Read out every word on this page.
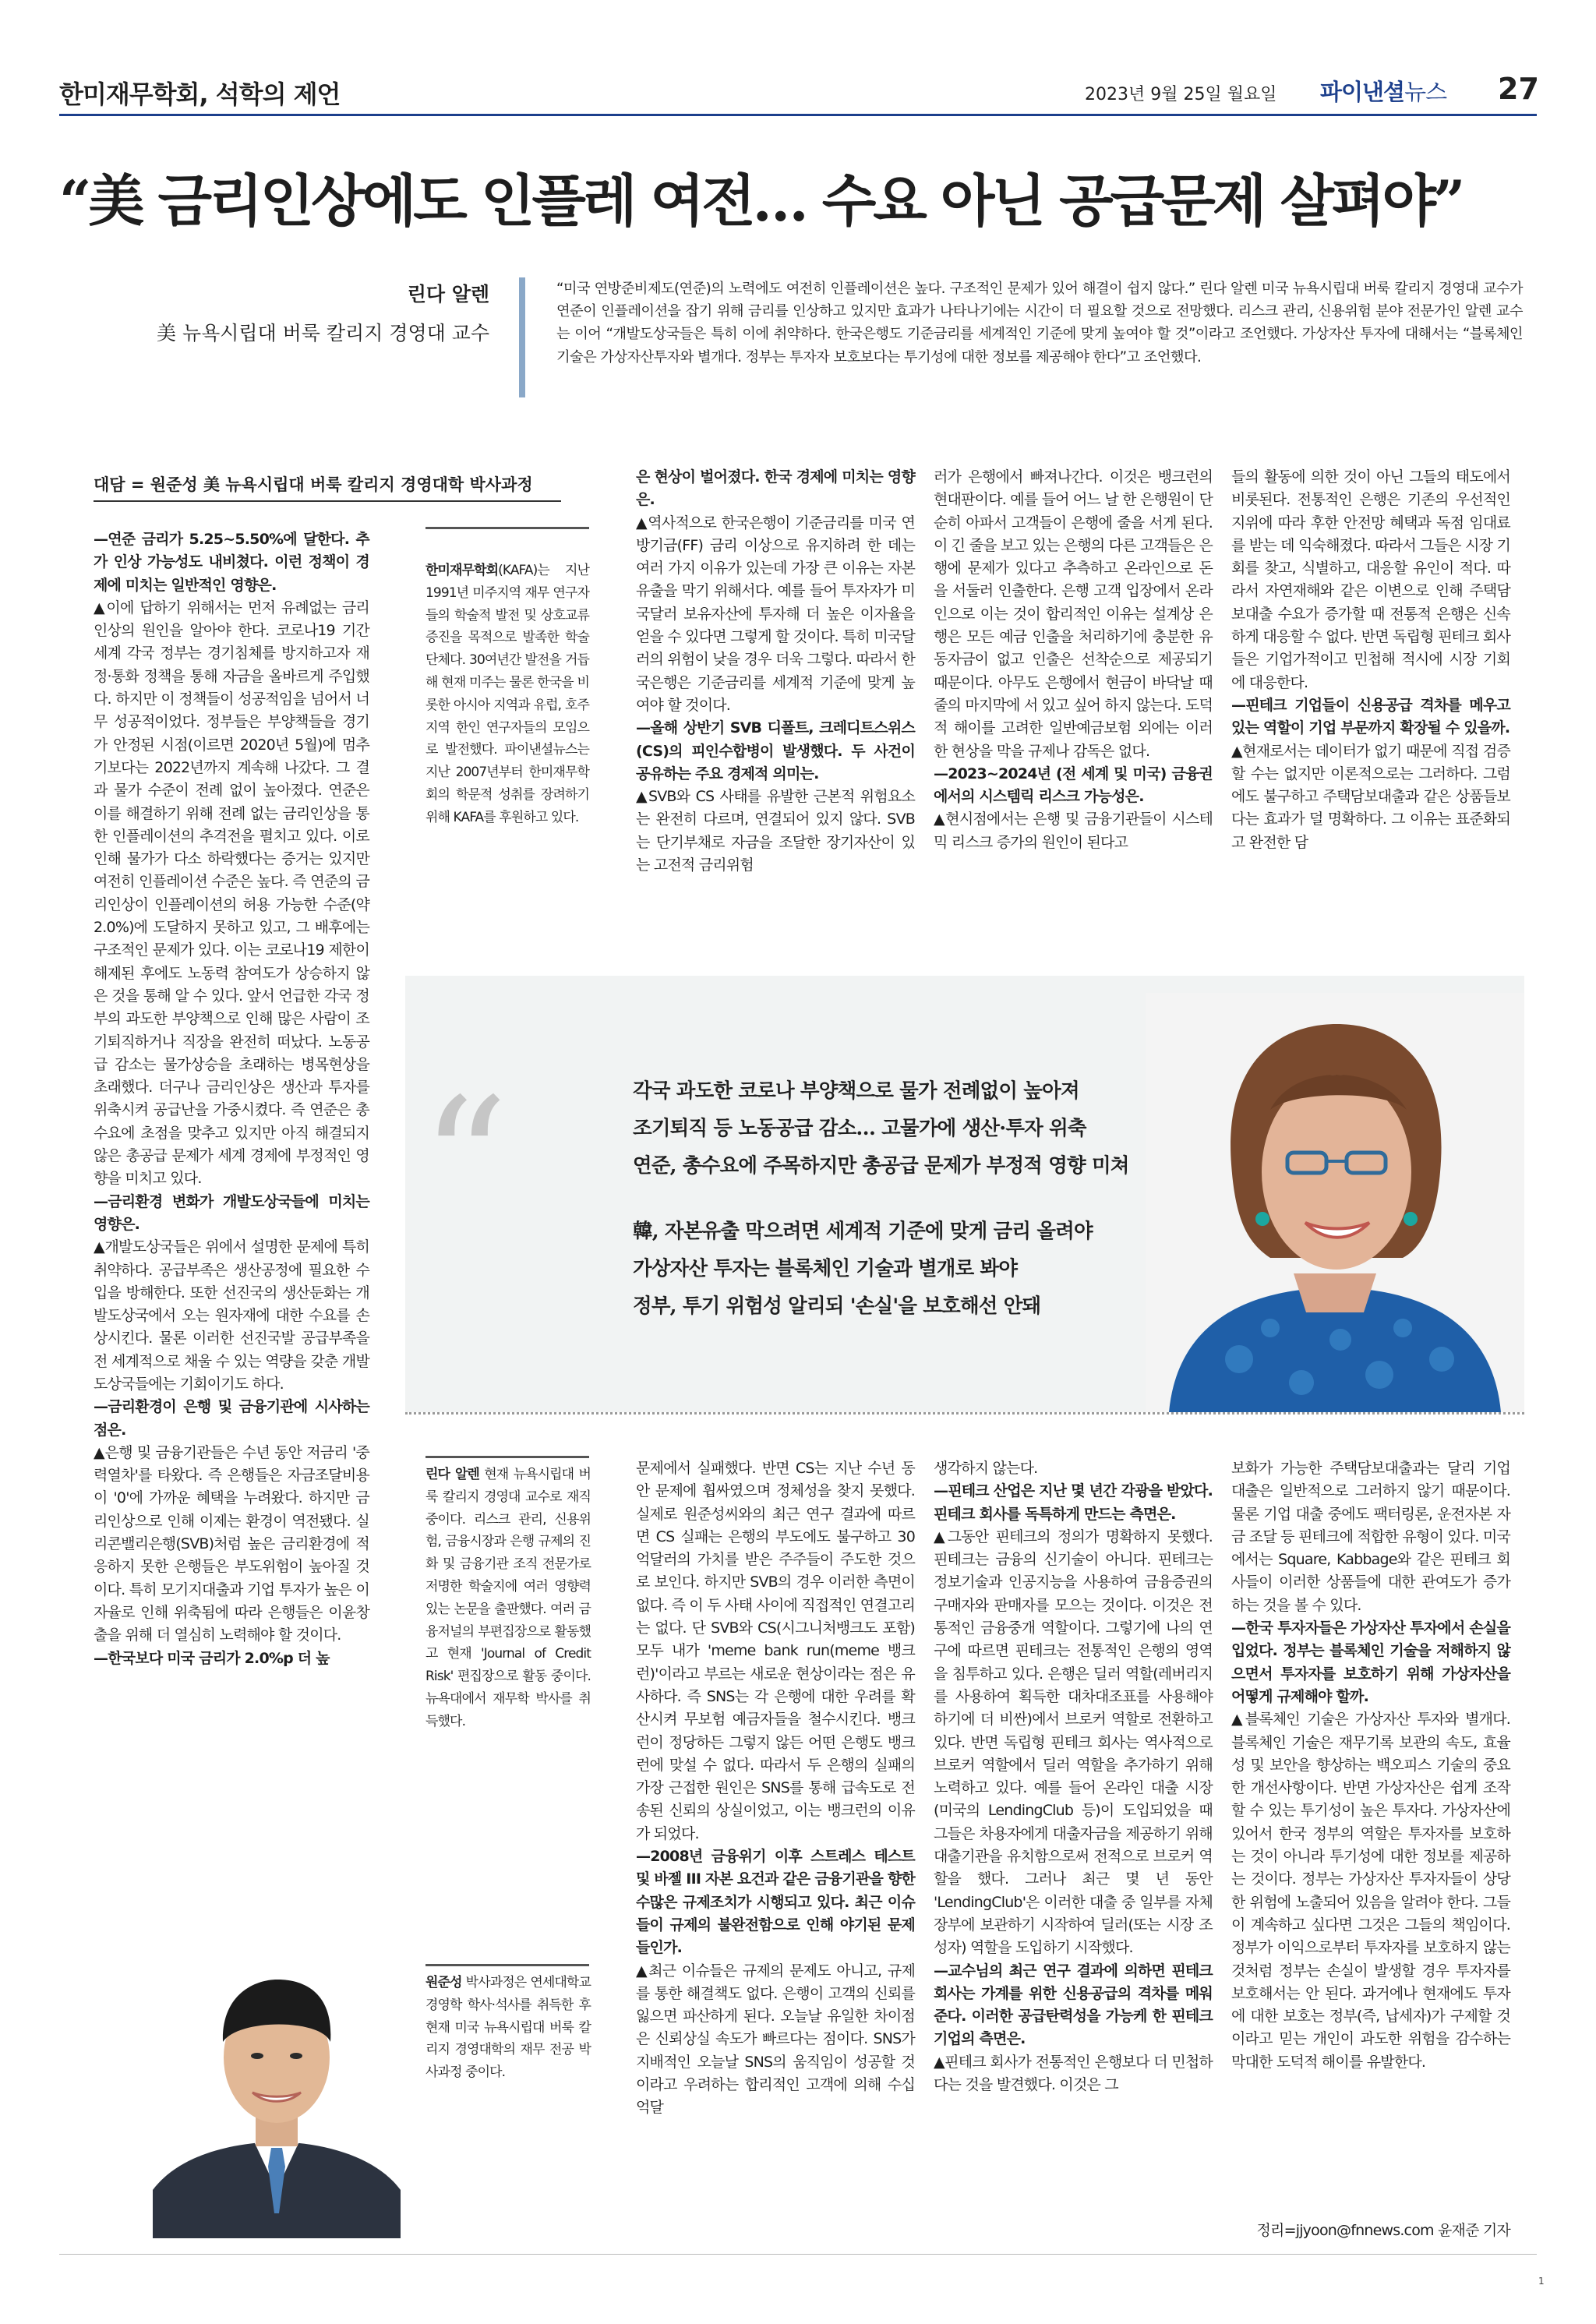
한미재무학회, 석학의 제언	2023년 9월 25일 월요일 파이낸셜뉴스 27
“美 금리인상에도 인플레 여전… 수요 아닌 공급문제 살펴야”
린다 알렌
美 뉴욕시립대 버룩 칼리지 경영대 교수
“미국 연방준비제도(연준)의 노력에도 여전히 인플레이션은 높다. 구조적인 문제가 있어 해결이 쉽지 않다.” 린다 알렌 미국 뉴욕시립대 버룩 칼리지 경영대 교수가 연준이 인플레이션을 잡기 위해 금리를 인상하고 있지만 효과가 나타나기에는 시간이 더 필요할 것으로 전망했다. 리스크 관리, 신용위험 분야 전문가인 알렌 교수는 이어 “개발도상국들은 특히 이에 취약하다. 한국은행도 기준금리를 세계적인 기준에 맞게 높여야 할 것”이라고 조언했다. 가상자산 투자에 대해서는 “블록체인 기술은 가상자산투자와 별개다. 정부는 투자자 보호보다는 투기성에 대한 정보를 제공해야 한다”고 조언했다.
대담 = 원준성 美 뉴욕시립대 버룩 칼리지 경영대학 박사과정

—연준 금리가 5.25~5.50%에 달한다. 추가 인상 가능성도 내비쳤다. 이런 정책이 경제에 미치는 일반적인 영향은.

▲이에 답하기 위해서는 먼저 유례없는 금리인상의 원인을 알아야 한다. 코로나19 기간 세계 각국 정부는 경기침체를 방지하고자 재정·통화 정책을 통해 자금을 올바르게 주입했다. 하지만 이 정책들이 성공적임을 넘어서 너무 성공적이었다. 정부들은 부양책들을 경기가 안정된 시점(이르면 2020년 5월)에 멈추기보다는 2022년까지 계속해 나갔다. 그 결과 물가 수준이 전례 없이 높아졌다. 연준은 이를 해결하기 위해 전례 없는 금리인상을 통한 인플레이션의 추격전을 펼치고 있다. 이로 인해 물가가 다소 하락했다는 증거는 있지만 여전히 인플레이션 수준은 높다. 즉 연준의 금리인상이 인플레이션의 허용 가능한 수준(약 2.0%)에 도달하지 못하고 있고, 그 배후에는 구조적인 문제가 있다. 이는 코로나19 제한이 해제된 후에도 노동력 참여도가 상승하지 않은 것을 통해 알 수 있다. 앞서 언급한 각국 정부의 과도한 부양책으로 인해 많은 사람이 조기퇴직하거나 직장을 완전히 떠났다. 노동공급 감소는 물가상승을 초래하는 병목현상을 초래했다. 더구나 금리인상은 생산과 투자를 위축시켜 공급난을 가중시켰다. 즉 연준은 총수요에 초점을 맞추고 있지만 아직 해결되지 않은 총공급 문제가 세계 경제에 부정적인 영향을 미치고 있다.

—금리환경 변화가 개발도상국들에 미치는 영향은.

▲개발도상국들은 위에서 설명한 문제에 특히 취약하다. 공급부족은 생산공정에 필요한 수입을 방해한다. 또한 선진국의 생산둔화는 개발도상국에서 오는 원자재에 대한 수요를 손상시킨다. 물론 이러한 선진국발 공급부족을 전 세계적으로 채울 수 있는 역량을 갖춘 개발도상국들에는 기회이기도 하다.

—금리환경이 은행 및 금융기관에 시사하는 점은.

▲은행 및 금융기관들은 수년 동안 저금리 '중력열차'를 타왔다. 즉 은행들은 자금조달비용이 '0'에 가까운 혜택을 누려왔다. 하지만 금리인상으로 인해 이제는 환경이 역전됐다. 실리콘밸리은행(SVB)처럼 높은 금리환경에 적응하지 못한 은행들은 부도위험이 높아질 것이다. 특히 모기지대출과 기업 투자가 높은 이자율로 인해 위축됨에 따라 은행들은 이윤창출을 위해 더 열심히 노력해야 할 것이다.

—한국보다 미국 금리가 2.0%p 더 높

한미재무학회(KAFA)는 지난 1991년 미주지역 재무 연구자들의 학술적 발전 및 상호교류 증진을 목적으로 발족한 학술단체다. 30여년간 발전을 거듭해 현재 미주는 물론 한국을 비롯한 아시아 지역과 유럽, 호주 지역 한인 연구자들의 모임으로 발전했다. 파이낸셜뉴스는 지난 2007년부터 한미재무학회의 학문적 성취를 장려하기 위해 KAFA를 후원하고 있다.

은 현상이 벌어졌다. 한국 경제에 미치는 영향은.

▲역사적으로 한국은행이 기준금리를 미국 연방기금(FF) 금리 이상으로 유지하려 한 데는 여러 가지 이유가 있는데 가장 큰 이유는 자본유출을 막기 위해서다. 예를 들어 투자자가 미국달러 보유자산에 투자해 더 높은 이자율을 얻을 수 있다면 그렇게 할 것이다. 특히 미국달러의 위험이 낮을 경우 더욱 그렇다. 따라서 한국은행은 기준금리를 세계적 기준에 맞게 높여야 할 것이다.

—올해 상반기 SVB 디폴트, 크레디트스위스(CS)의 피인수합병이 발생했다. 두 사건이 공유하는 주요 경제적 의미는.

▲SVB와 CS 사태를 유발한 근본적 위험요소는 완전히 다르며, 연결되어 있지 않다. SVB는 단기부채로 자금을 조달한 장기자산이 있는 고전적 금리위험

러가 은행에서 빠져나간다. 이것은 뱅크런의 현대판이다. 예를 들어 어느 날 한 은행원이 단순히 아파서 고객들이 은행에 줄을 서게 된다. 이 긴 줄을 보고 있는 은행의 다른 고객들은 은행에 문제가 있다고 추측하고 온라인으로 돈을 서둘러 인출한다. 은행 고객 입장에서 온라인으로 이는 것이 합리적인 이유는 설계상 은행은 모든 예금 인출을 처리하기에 충분한 유동자금이 없고 인출은 선착순으로 제공되기 때문이다. 아무도 은행에서 현금이 바닥날 때 줄의 마지막에 서 있고 싶어 하지 않는다. 도덕적 해이를 고려한 일반예금보험 외에는 이러한 현상을 막을 규제나 감독은 없다.

—2023~2024년 (전 세계 및 미국) 금융권에서의 시스템릭 리스크 가능성은.

▲현시점에서는 은행 및 금융기관들이 시스테믹 리스크 증가의 원인이 된다고

들의 활동에 의한 것이 아닌 그들의 태도에서 비롯된다. 전통적인 은행은 기존의 우선적인 지위에 따라 후한 안전망 혜택과 독점 임대료를 받는 데 익숙해졌다. 따라서 그들은 시장 기회를 찾고, 식별하고, 대응할 유인이 적다. 따라서 자연재해와 같은 이변으로 인해 주택담보대출 수요가 증가할 때 전통적 은행은 신속하게 대응할 수 없다. 반면 독립형 핀테크 회사들은 기업가적이고 민첩해 적시에 시장 기회에 대응한다.

—핀테크 기업들이 신용공급 격차를 메우고 있는 역할이 기업 부문까지 확장될 수 있을까.

▲현재로서는 데이터가 없기 때문에 직접 검증할 수는 없지만 이론적으로는 그러하다. 그럼에도 불구하고 주택담보대출과 같은 상품들보다는 효과가 덜 명확하다. 그 이유는 표준화되고 완전한 담

“	각국 과도한 코로나 부양책으로 물가 전례없이 높아져
조기퇴직 등 노동공급 감소… 고물가에 생산·투자 위축
연준, 총수요에 주목하지만 총공급 문제가 부정적 영향 미쳐
韓, 자본유출 막으려면 세계적 기준에 맞게 금리 올려야
가상자산 투자는 블록체인 기술과 별개로 봐야
정부, 투기 위험성 알리되 '손실'을 보호해선 안돼
린다 알렌 현재 뉴욕시립대 버룩 칼리지 경영대 교수로 재직 중이다. 리스크 관리, 신용위험, 금융시장과 은행 규제의 진화 및 금융기관 조직 전문가로 저명한 학술지에 여러 영향력 있는 논문을 출판했다. 여러 금융저널의 부편집장으로 활동했고 현재 'Journal of Credit Risk' 편집장으로 활동 중이다. 뉴욕대에서 재무학 박사를 취득했다.
원준성 박사과정은 연세대학교 경영학 학사·석사를 취득한 후 현재 미국 뉴욕시립대 버룩 칼리지 경영대학의 재무 전공 박사과정 중이다.

문제에서 실패했다. 반면 CS는 지난 수년 동안 문제에 휩싸였으며 정체성을 찾지 못했다. 실제로 원준성씨와의 최근 연구 결과에 따르면 CS 실패는 은행의 부도에도 불구하고 30억달러의 가치를 받은 주주들이 주도한 것으로 보인다. 하지만 SVB의 경우 이러한 측면이 없다. 즉 이 두 사태 사이에 직접적인 연결고리는 없다. 단 SVB와 CS(시그니처뱅크도 포함) 모두 내가 'meme bank run(meme 뱅크런)'이라고 부르는 새로운 현상이라는 점은 유사하다. 즉 SNS는 각 은행에 대한 우려를 확산시켜 무보험 예금자들을 철수시킨다. 뱅크런이 정당하든 그렇지 않든 어떤 은행도 뱅크런에 맞설 수 없다. 따라서 두 은행의 실패의 가장 근접한 원인은 SNS를 통해 급속도로 전송된 신뢰의 상실이었고, 이는 뱅크런의 이유가 되었다.

—2008년 금융위기 이후 스트레스 테스트 및 바젤 III 자본 요건과 같은 금융기관을 향한 수많은 규제조치가 시행되고 있다. 최근 이슈들이 규제의 불완전함으로 인해 야기된 문제들인가.

▲최근 이슈들은 규제의 문제도 아니고, 규제를 통한 해결책도 없다. 은행이 고객의 신뢰를 잃으면 파산하게 된다. 오늘날 유일한 차이점은 신뢰상실 속도가 빠르다는 점이다. SNS가 지배적인 오늘날 SNS의 움직임이 성공할 것이라고 우려하는 합리적인 고객에 의해 수십억달

생각하지 않는다.

—핀테크 산업은 지난 몇 년간 각광을 받았다. 핀테크 회사를 독특하게 만드는 측면은.

▲그동안 핀테크의 정의가 명확하지 못했다. 핀테크는 금융의 신기술이 아니다. 핀테크는 정보기술과 인공지능을 사용하여 금융증권의 구매자와 판매자를 모으는 것이다. 이것은 전통적인 금융중개 역할이다. 그렇기에 나의 연구에 따르면 핀테크는 전통적인 은행의 영역을 침투하고 있다. 은행은 딜러 역할(레버리지를 사용하여 획득한 대차대조표를 사용해야 하기에 더 비싼)에서 브로커 역할로 전환하고 있다. 반면 독립형 핀테크 회사는 역사적으로 브로커 역할에서 딜러 역할을 추가하기 위해 노력하고 있다. 예를 들어 온라인 대출 시장(미국의 LendingClub 등)이 도입되었을 때 그들은 차용자에게 대출자금을 제공하기 위해 대출기관을 유치함으로써 전적으로 브로커 역할을 했다. 그러나 최근 몇 년 동안 'LendingClub'은 이러한 대출 중 일부를 자체 장부에 보관하기 시작하여 딜러(또는 시장 조성자) 역할을 도입하기 시작했다.

—교수님의 최근 연구 결과에 의하면 핀테크 회사는 가계를 위한 신용공급의 격차를 메워준다. 이러한 공급탄력성을 가능케 한 핀테크 기업의 측면은.

▲핀테크 회사가 전통적인 은행보다 더 민첩하다는 것을 발견했다. 이것은 그

보화가 가능한 주택담보대출과는 달리 기업 대출은 일반적으로 그러하지 않기 때문이다. 물론 기업 대출 중에도 팩터링론, 운전자본 자금 조달 등 핀테크에 적합한 유형이 있다. 미국에서는 Square, Kabbage와 같은 핀테크 회사들이 이러한 상품들에 대한 관여도가 증가하는 것을 볼 수 있다.

—한국 투자자들은 가상자산 투자에서 손실을 입었다. 정부는 블록체인 기술을 저해하지 않으면서 투자자를 보호하기 위해 가상자산을 어떻게 규제해야 할까.

▲블록체인 기술은 가상자산 투자와 별개다. 블록체인 기술은 재무기록 보관의 속도, 효율성 및 보안을 향상하는 백오피스 기술의 중요한 개선사항이다. 반면 가상자산은 쉽게 조작할 수 있는 투기성이 높은 투자다. 가상자산에 있어서 한국 정부의 역할은 투자자를 보호하는 것이 아니라 투기성에 대한 정보를 제공하는 것이다. 정부는 가상자산 투자자들이 상당한 위험에 노출되어 있음을 알려야 한다. 그들이 계속하고 싶다면 그것은 그들의 책임이다. 정부가 이익으로부터 투자자를 보호하지 않는 것처럼 정부는 손실이 발생할 경우 투자자를 보호해서는 안 된다. 과거에나 현재에도 투자에 대한 보호는 정부(즉, 납세자)가 구제할 것이라고 믿는 개인이 과도한 위험을 감수하는 막대한 도덕적 해이를 유발한다.

정리=jjyoon@fnnews.com 윤재준 기자
1
